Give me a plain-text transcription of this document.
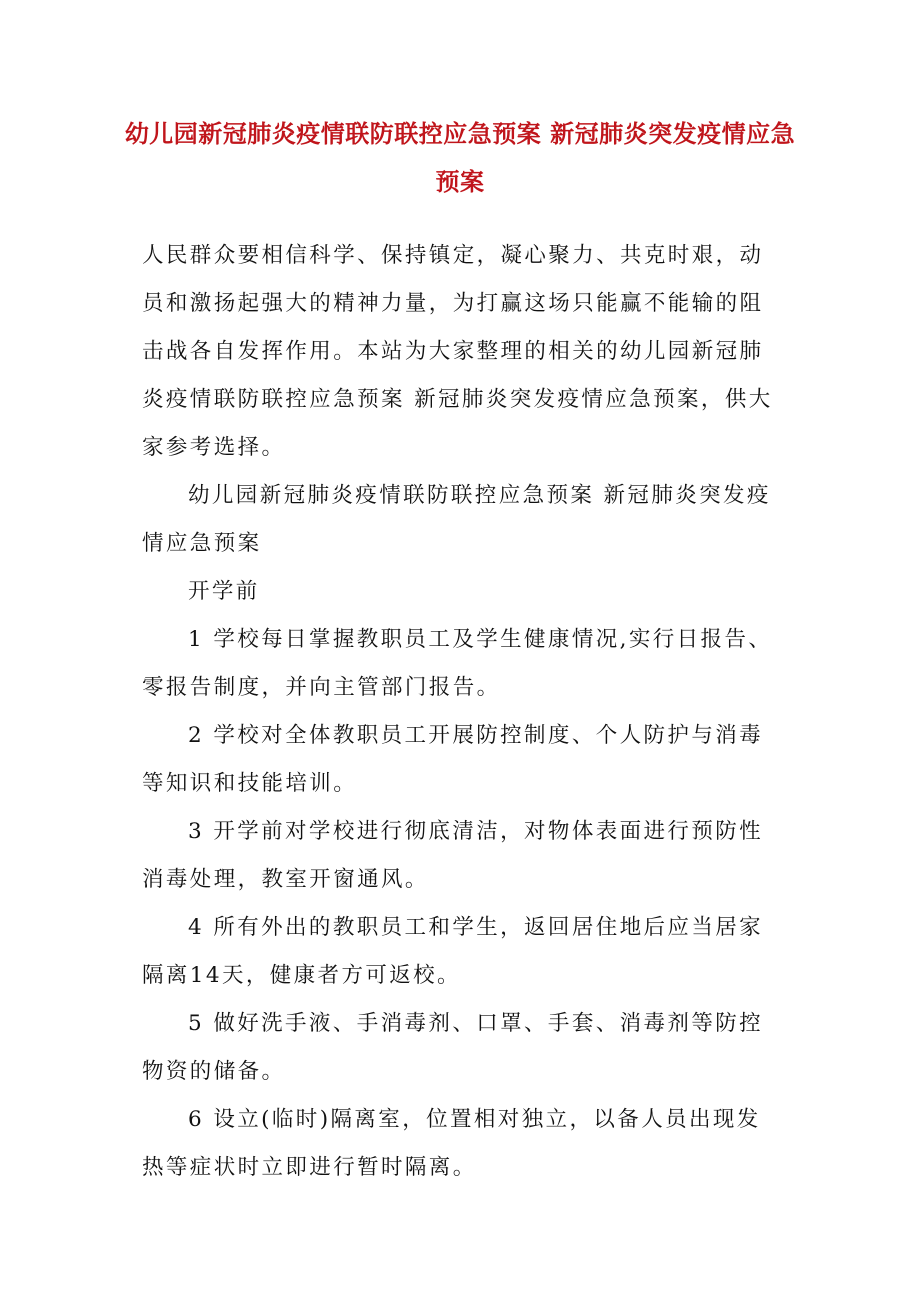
幼儿园新冠肺炎疫情联防联控应急预案 新冠肺炎突发疫情应急预案

人民群众要相信科学、保持镇定，凝心聚力、共克时艰，动员和激扬起强大的精神力量，为打赢这场只能赢不能输的阻击战各自发挥作用。本站为大家整理的相关的幼儿园新冠肺炎疫情联防联控应急预案 新冠肺炎突发疫情应急预案，供大家参考选择。

幼儿园新冠肺炎疫情联防联控应急预案 新冠肺炎突发疫情应急预案

开学前

1 学校每日掌握教职员工及学生健康情况,实行日报告、零报告制度，并向主管部门报告。

2 学校对全体教职员工开展防控制度、个人防护与消毒等知识和技能培训。

3 开学前对学校进行彻底清洁，对物体表面进行预防性消毒处理，教室开窗通风。

4 所有外出的教职员工和学生，返回居住地后应当居家隔离14天，健康者方可返校。

5 做好洗手液、手消毒剂、口罩、手套、消毒剂等防控物资的储备。

6 设立(临时)隔离室，位置相对独立，以备人员出现发热等症状时立即进行暂时隔离。
